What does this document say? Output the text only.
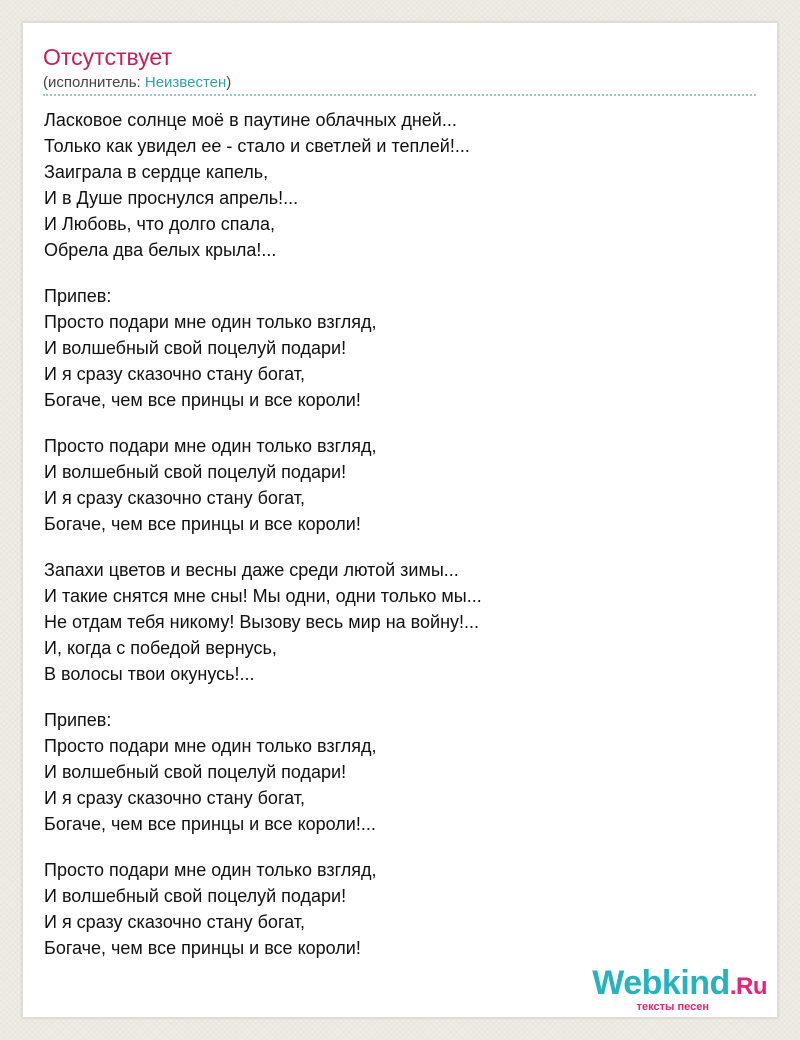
Отсутствует
(исполнитель: Неизвестен)
Ласковое солнце моё в паутине облачных дней...
Только как увидел ее - стало и светлей и теплей!...
Заиграла в сердце капель,
И в Душе проснулся апрель!...
И Любовь, что долго спала,
Обрела два белых крыла!...
Припев:
Просто подари мне один только взгляд,
И волшебный свой поцелуй подари!
И я сразу сказочно стану богат,
Богаче, чем все принцы и все короли!
Просто подари мне один только взгляд,
И волшебный свой поцелуй подари!
И я сразу сказочно стану богат,
Богаче, чем все принцы и все короли!
Запахи цветов и весны даже среди лютой зимы...
И такие снятся мне сны! Мы одни, одни только мы...
Не отдам тебя никому! Вызову весь мир на войну!...
И, когда с победой вернусь,
В волосы твои окунусь!...
Припев:
Просто подари мне один только взгляд,
И волшебный свой поцелуй подари!
И я сразу сказочно стану богат,
Богаче, чем все принцы и все короли!...
Просто подари мне один только взгляд,
И волшебный свой поцелуй подари!
И я сразу сказочно стану богат,
Богаче, чем все принцы и все короли!
Webkind.Ru
тексты песен
